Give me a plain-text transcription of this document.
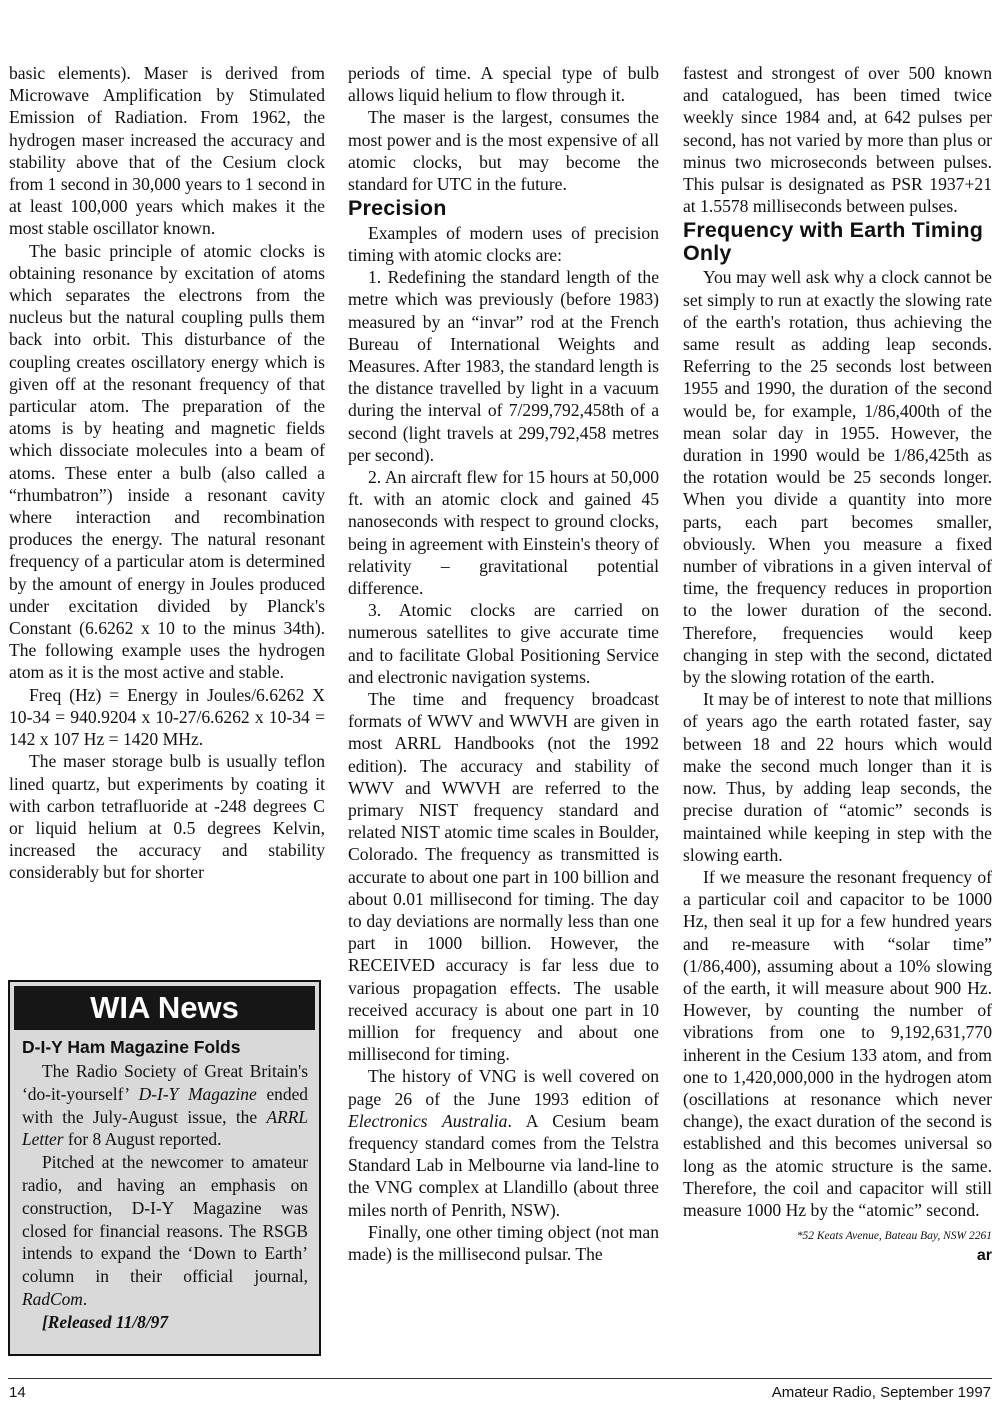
basic elements). Maser is derived from Microwave Amplification by Stimulated Emission of Radiation. From 1962, the hydrogen maser increased the accuracy and stability above that of the Cesium clock from 1 second in 30,000 years to 1 second in at least 100,000 years which makes it the most stable oscillator known.

The basic principle of atomic clocks is obtaining resonance by excitation of atoms which separates the electrons from the nucleus but the natural coupling pulls them back into orbit. This disturbance of the coupling creates oscillatory energy which is given off at the resonant frequency of that particular atom. The preparation of the atoms is by heating and magnetic fields which dissociate molecules into a beam of atoms. These enter a bulb (also called a “rhumbatron”) inside a resonant cavity where interaction and recombination produces the energy. The natural resonant frequency of a particular atom is determined by the amount of energy in Joules produced under excitation divided by Planck's Constant (6.6262 x 10 to the minus 34th). The following example uses the hydrogen atom as it is the most active and stable.

Freq (Hz) = Energy in Joules/6.6262 X 10-34 = 940.9204 x 10-27/6.6262 x 10-34 = 142 x 107 Hz = 1420 MHz.

The maser storage bulb is usually teflon lined quartz, but experiments by coating it with carbon tetrafluoride at -248 degrees C or liquid helium at 0.5 degrees Kelvin, increased the accuracy and stability considerably but for shorter

WIA News
D-I-Y Ham Magazine Folds

The Radio Society of Great Britain's ‘do-it-yourself’ D-I-Y Magazine ended with the July-August issue, the ARRL Letter for 8 August reported.

Pitched at the newcomer to amateur radio, and having an emphasis on construction, D-I-Y Magazine was closed for financial reasons. The RSGB intends to expand the ‘Down to Earth’ column in their official journal, RadCom.

[Released 11/8/97

periods of time. A special type of bulb allows liquid helium to flow through it.

The maser is the largest, consumes the most power and is the most expensive of all atomic clocks, but may become the standard for UTC in the future.

Precision

Examples of modern uses of precision timing with atomic clocks are:

1. Redefining the standard length of the metre which was previously (before 1983) measured by an “invar” rod at the French Bureau of International Weights and Measures. After 1983, the standard length is the distance travelled by light in a vacuum during the interval of 7/299,792,458th of a second (light travels at 299,792,458 metres per second).

2. An aircraft flew for 15 hours at 50,000 ft. with an atomic clock and gained 45 nanoseconds with respect to ground clocks, being in agreement with Einstein's theory of relativity – gravitational potential difference.

3. Atomic clocks are carried on numerous satellites to give accurate time and to facilitate Global Positioning Service and electronic navigation systems.

The time and frequency broadcast formats of WWV and WWVH are given in most ARRL Handbooks (not the 1992 edition). The accuracy and stability of WWV and WWVH are referred to the primary NIST frequency standard and related NIST atomic time scales in Boulder, Colorado. The frequency as transmitted is accurate to about one part in 100 billion and about 0.01 millisecond for timing. The day to day deviations are normally less than one part in 1000 billion. However, the RECEIVED accuracy is far less due to various propagation effects. The usable received accuracy is about one part in 10 million for frequency and about one millisecond for timing.

The history of VNG is well covered on page 26 of the June 1993 edition of Electronics Australia. A Cesium beam frequency standard comes from the Telstra Standard Lab in Melbourne via land-line to the VNG complex at Llandillo (about three miles north of Penrith, NSW).

Finally, one other timing object (not man made) is the millisecond pulsar. The

fastest and strongest of over 500 known and catalogued, has been timed twice weekly since 1984 and, at 642 pulses per second, has not varied by more than plus or minus two microseconds between pulses. This pulsar is designated as PSR 1937+21 at 1.5578 milliseconds between pulses.

Frequency with Earth Timing Only

You may well ask why a clock cannot be set simply to run at exactly the slowing rate of the earth's rotation, thus achieving the same result as adding leap seconds. Referring to the 25 seconds lost between 1955 and 1990, the duration of the second would be, for example, 1/86,400th of the mean solar day in 1955. However, the duration in 1990 would be 1/86,425th as the rotation would be 25 seconds longer. When you divide a quantity into more parts, each part becomes smaller, obviously. When you measure a fixed number of vibrations in a given interval of time, the frequency reduces in proportion to the lower duration of the second. Therefore, frequencies would keep changing in step with the second, dictated by the slowing rotation of the earth.

It may be of interest to note that millions of years ago the earth rotated faster, say between 18 and 22 hours which would make the second much longer than it is now. Thus, by adding leap seconds, the precise duration of “atomic” seconds is maintained while keeping in step with the slowing earth.

If we measure the resonant frequency of a particular coil and capacitor to be 1000 Hz, then seal it up for a few hundred years and re-measure with “solar time” (1/86,400), assuming about a 10% slowing of the earth, it will measure about 900 Hz. However, by counting the number of vibrations from one to 9,192,631,770 inherent in the Cesium 133 atom, and from one to 1,420,000,000 in the hydrogen atom (oscillations at resonance which never change), the exact duration of the second is established and this becomes universal so long as the atomic structure is the same. Therefore, the coil and capacitor will still measure 1000 Hz by the “atomic” second.

*52 Keats Avenue, Bateau Bay, NSW 2261
ar
14	Amateur Radio, September 1997
